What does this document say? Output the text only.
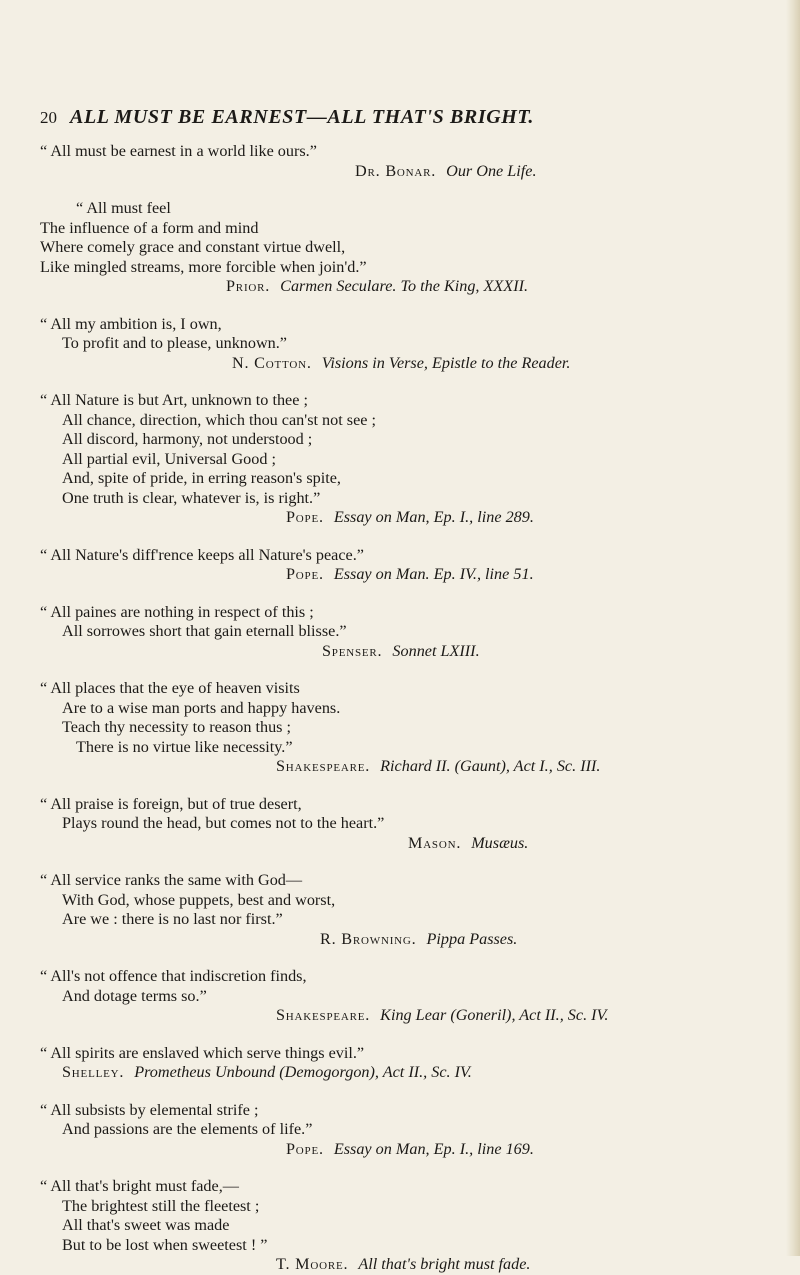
20 ALL MUST BE EARNEST—ALL THAT'S BRIGHT.
“ All must be earnest in a world like ours.”
Dr. Bonar. Our One Life.
“ All must feel
The influence of a form and mind
Where comely grace and constant virtue dwell,
Like mingled streams, more forcible when join'd.”
Prior. Carmen Seculare. To the King, XXXII.
“ All my ambition is, I own,
To profit and to please, unknown.”
N. Cotton. Visions in Verse, Epistle to the Reader.
“ All Nature is but Art, unknown to thee ;
All chance, direction, which thou can'st not see ;
All discord, harmony, not understood ;
All partial evil, Universal Good ;
And, spite of pride, in erring reason's spite,
One truth is clear, whatever is, is right.”
Pope. Essay on Man, Ep. I., line 289.
“ All Nature's diff'rence keeps all Nature's peace.”
Pope. Essay on Man. Ep. IV., line 51.
“ All paines are nothing in respect of this ;
All sorrowes short that gain eternall blisse.”
Spenser. Sonnet LXIII.
“ All places that the eye of heaven visits
Are to a wise man ports and happy havens.
Teach thy necessity to reason thus ;
There is no virtue like necessity.”
Shakespeare. Richard II. (Gaunt), Act I., Sc. III.
“ All praise is foreign, but of true desert,
Plays round the head, but comes not to the heart.”
Mason. Musæus.
“ All service ranks the same with God—
With God, whose puppets, best and worst,
Are we : there is no last nor first.”
R. Browning. Pippa Passes.
“ All's not offence that indiscretion finds,
And dotage terms so.”
Shakespeare. King Lear (Goneril), Act II., Sc. IV.
“ All spirits are enslaved which serve things evil.”
Shelley. Prometheus Unbound (Demogorgon), Act II., Sc. IV.
“ All subsists by elemental strife ;
And passions are the elements of life.”
Pope. Essay on Man, Ep. I., line 169.
“ All that's bright must fade,—
The brightest still the fleetest ;
All that's sweet was made
But to be lost when sweetest ! ”
T. Moore. All that's bright must fade.
